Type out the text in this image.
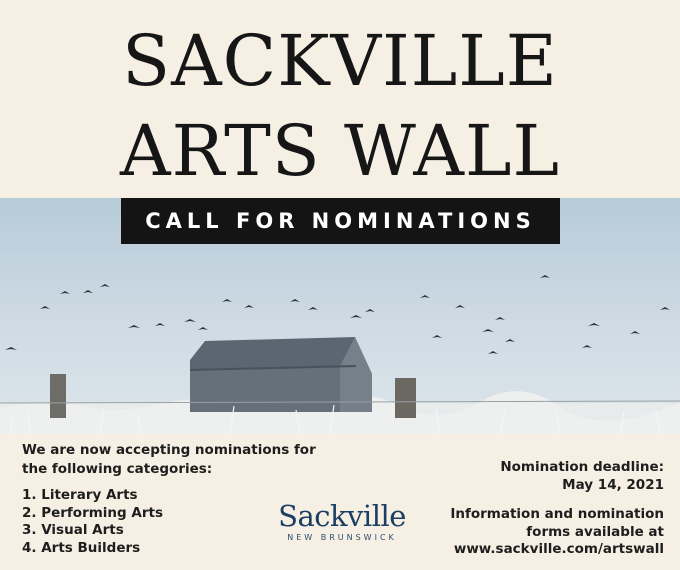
SACKVILLE
ARTS WALL
CALL FOR NOMINATIONS
We are now accepting nominations for the following categories:
1. Literary Arts
2. Performing Arts
3. Visual Arts
4. Arts Builders
Sackville
NEW BRUNSWICK
Nomination deadline:
May 14, 2021
Information and nomination
forms available at
www.sackville.com/artswall
